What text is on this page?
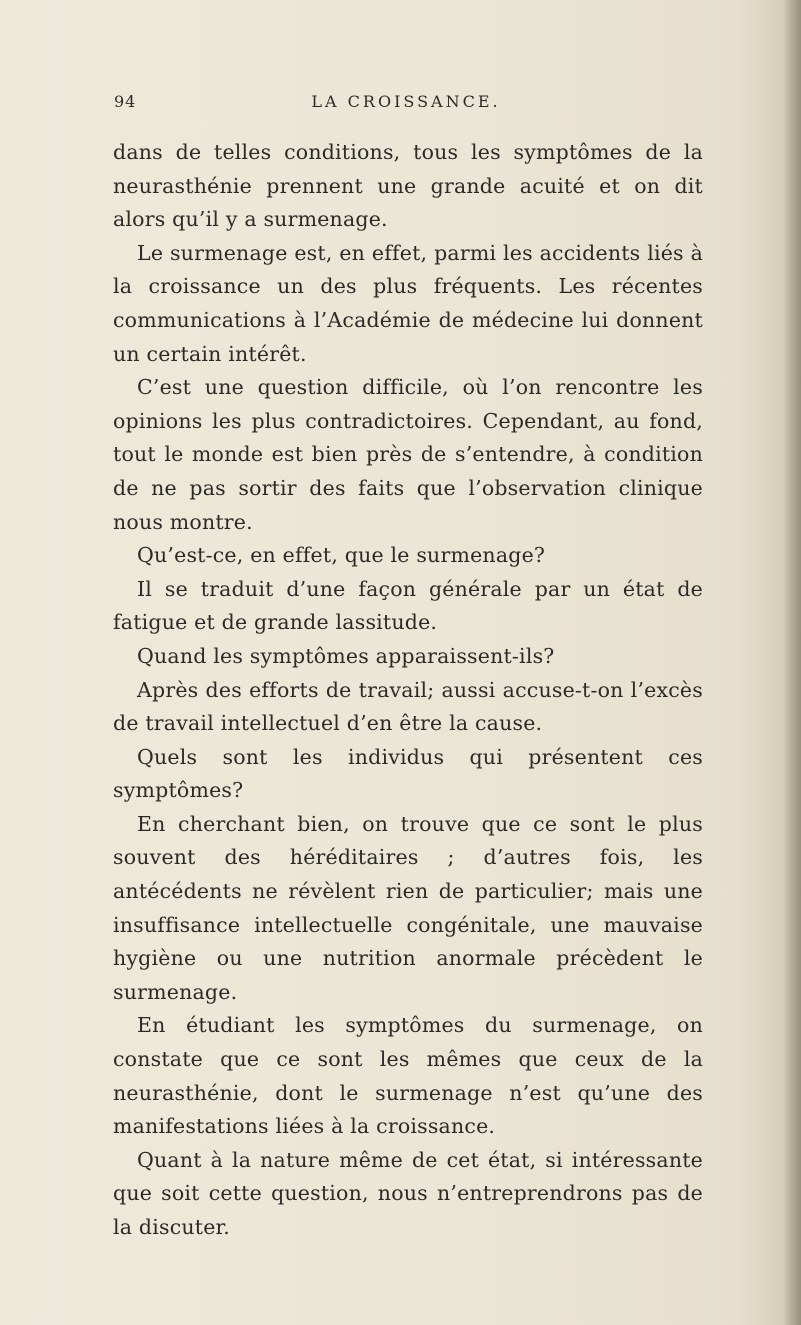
94	LA CROISSANCE.

dans de telles conditions, tous les symptômes de la neurasthénie prennent une grande acuité et on dit alors qu’il y a surmenage.

Le surmenage est, en effet, parmi les accidents liés à la croissance un des plus fréquents. Les récentes communications à l’Académie de médecine lui donnent un certain intérêt.

C’est une question difficile, où l’on rencontre les opinions les plus contradictoires. Cependant, au fond, tout le monde est bien près de s’entendre, à condition de ne pas sortir des faits que l’observation clinique nous montre.

Qu’est-ce, en effet, que le surmenage?

Il se traduit d’une façon générale par un état de fatigue et de grande lassitude.

Quand les symptômes apparaissent-ils?

Après des efforts de travail; aussi accuse-t-on l’excès de travail intellectuel d’en être la cause.

Quels sont les individus qui présentent ces symptômes?

En cherchant bien, on trouve que ce sont le plus souvent des héréditaires ; d’autres fois, les antécédents ne révèlent rien de particulier; mais une insuffisance intellectuelle congénitale, une mauvaise hygiène ou une nutrition anormale précèdent le surmenage.

En étudiant les symptômes du surmenage, on constate que ce sont les mêmes que ceux de la neurasthénie, dont le surmenage n’est qu’une des manifestations liées à la croissance.

Quant à la nature même de cet état, si intéressante que soit cette question, nous n’entreprendrons pas de la discuter.
